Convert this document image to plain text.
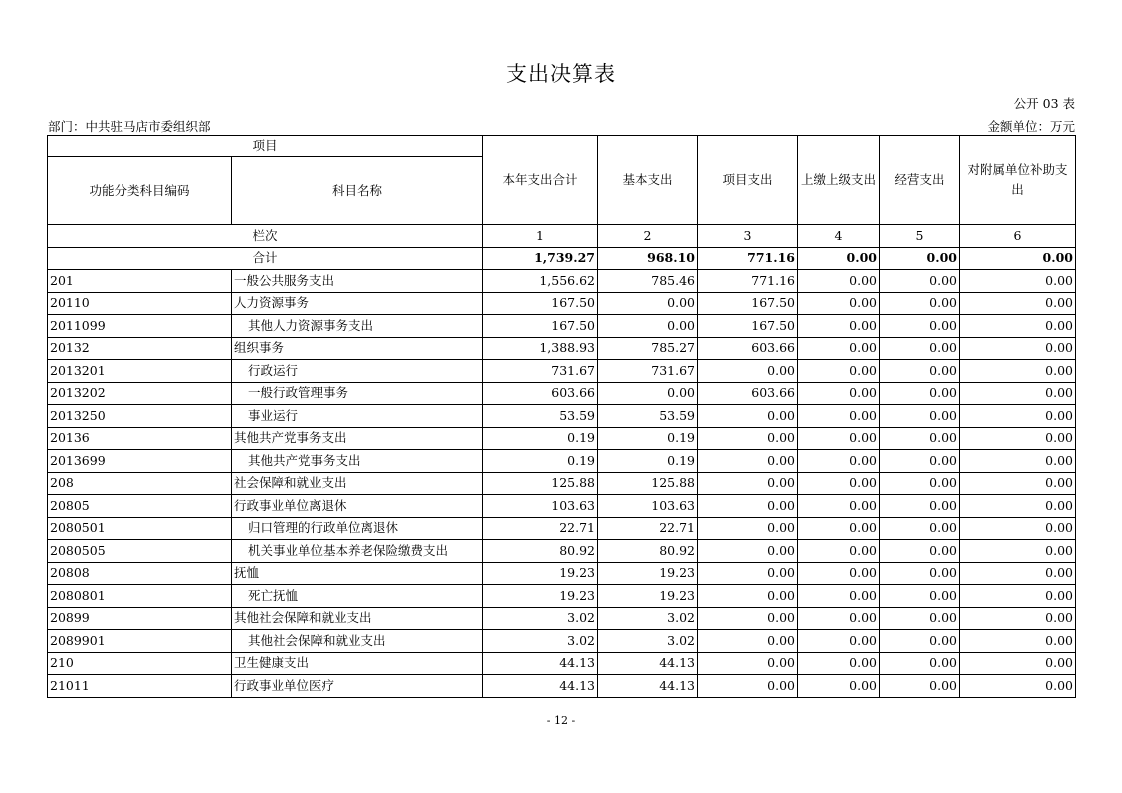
支出决算表
公开 03 表
部门：中共驻马店市委组织部	金额单位：万元
项目		本年支出合计	基本支出	项目支出	上缴上级支出	经营支出	对附属单位补助支出
功能分类科目编码	科目名称						
栏次		1	2	3	4	5	6
合计		1,739.27	968.10	771.16	0.00	0.00	0.00
201	一般公共服务支出	1,556.62	785.46	771.16	0.00	0.00	0.00
20110	人力资源事务	167.50	0.00	167.50	0.00	0.00	0.00
2011099	其他人力资源事务支出	167.50	0.00	167.50	0.00	0.00	0.00
20132	组织事务	1,388.93	785.27	603.66	0.00	0.00	0.00
2013201	行政运行	731.67	731.67	0.00	0.00	0.00	0.00
2013202	一般行政管理事务	603.66	0.00	603.66	0.00	0.00	0.00
2013250	事业运行	53.59	53.59	0.00	0.00	0.00	0.00
20136	其他共产党事务支出	0.19	0.19	0.00	0.00	0.00	0.00
2013699	其他共产党事务支出	0.19	0.19	0.00	0.00	0.00	0.00
208	社会保障和就业支出	125.88	125.88	0.00	0.00	0.00	0.00
20805	行政事业单位离退休	103.63	103.63	0.00	0.00	0.00	0.00
2080501	归口管理的行政单位离退休	22.71	22.71	0.00	0.00	0.00	0.00
2080505	机关事业单位基本养老保险缴费支出	80.92	80.92	0.00	0.00	0.00	0.00
20808	抚恤	19.23	19.23	0.00	0.00	0.00	0.00
2080801	死亡抚恤	19.23	19.23	0.00	0.00	0.00	0.00
20899	其他社会保障和就业支出	3.02	3.02	0.00	0.00	0.00	0.00
2089901	其他社会保障和就业支出	3.02	3.02	0.00	0.00	0.00	0.00
210	卫生健康支出	44.13	44.13	0.00	0.00	0.00	0.00
21011	行政事业单位医疗	44.13	44.13	0.00	0.00	0.00	0.00
- 12 -
